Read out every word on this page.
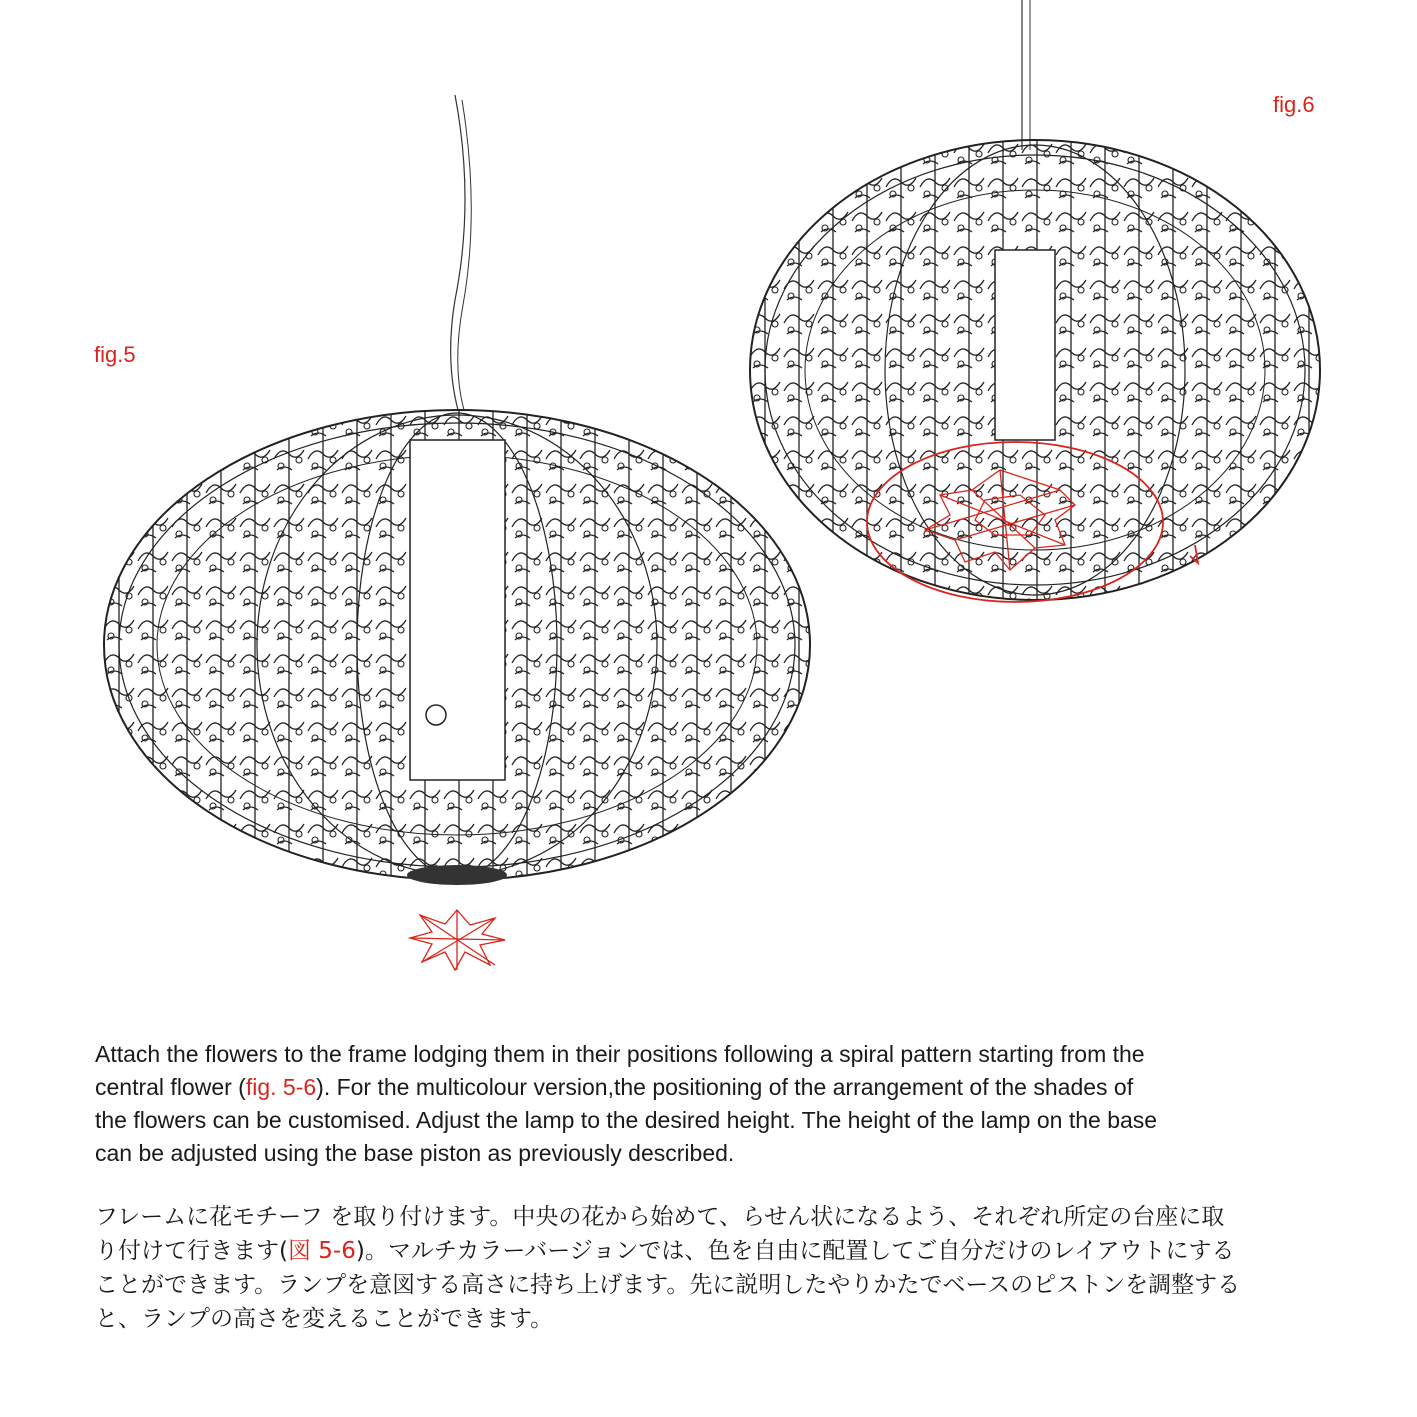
fig.5
fig.6
Attach the flowers to the frame lodging them in their positions following a spiral pattern starting from the
central flower (fig. 5-6). For the multicolour version,the positioning of the arrangement of the shades of
the flowers can be customised. Adjust the lamp to the desired height. The height of the lamp on the base
can be adjusted using the base piston as previously described.
フレームに花モチーフ を取り付けます。中央の花から始めて、らせん状になるよう、それぞれ所定の台座に取
り付けて行きます(図 5-6)。マルチカラーバージョンでは、色を自由に配置してご自分だけのレイアウトにする
ことができます。ランプを意図する高さに持ち上げます。先に説明したやりかたでベースのピストンを調整する
と、ランプの高さを変えることができます。
